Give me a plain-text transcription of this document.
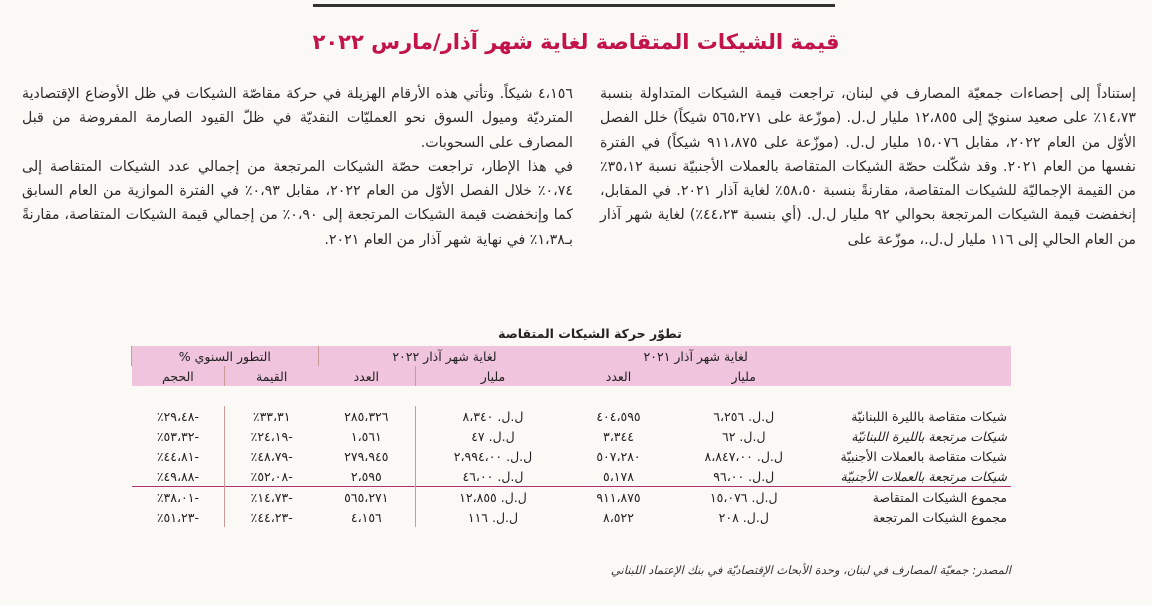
قيمة الشيكات المتقاصة لغاية شهر آذار/مارس ٢٠٢٢

إستناداً إلى إحصاءات جمعيّة المصارف في لبنان، تراجعت قيمة الشيكات المتداولة بنسبة ١٤،٧٣٪ على صعيد سنويّ إلى ١٢،٨٥٥ مليار ل.ل. (موزّعة على ٥٦٥،٢٧١ شيكاً) خلل الفصل الأوّل من العام ٢٠٢٢، مقابل ١٥،٠٧٦ مليار ل.ل. (موزّعة على ٩١١،٨٧٥ شيكاً) في الفترة نفسها من العام ٢٠٢١. وقد شكّلت حصّة الشيكات المتقاصة بالعملات الأجنبيّة نسبة ٣٥،١٢٪ من القيمة الإجماليّة للشيكات المتقاصة، مقارنةً بنسبة ٥٨،٥٠٪ لغاية آذار ٢٠٢١. في المقابل، إنخفضت قيمة الشيكات المرتجعة بحوالي ٩٢ مليار ل.ل. (أي بنسبة ٤٤،٢٣٪) لغاية شهر آذار من العام الحالي إلى ١١٦ مليار ل.ل.، موزّعة على

٤،١٥٦ شيكاً. وتأتي هذه الأرقام الهزيلة في حركة مقاصّة الشيكات في ظل الأوضاع الإقتصادية المترديّة وميول السوق نحو العمليّات النقديّة في ظلّ القيود الصارمة المفروضة من قبل المصارف على السحوبات.

في هذا الإطار، تراجعت حصّة الشيكات المرتجعة من إجمالي عدد الشيكات المتقاصة إلى ٠،٧٤٪ خلال الفصل الأوّل من العام ٢٠٢٢، مقابل ٠،٩٣٪ في الفترة الموازية من العام السابق كما وإنخفضت قيمة الشيكات المرتجعة إلى ٠،٩٠٪ من إجمالي قيمة الشيكات المتقاصة، مقارنةً بـ١،٣٨٪ في نهاية شهر آذار من العام ٢٠٢١.

تطوّر حركة الشيكات المتقاصة
	لغاية شهر آذار ٢٠٢١		لغاية شهر آذار ٢٠٢٢		التطور السنوي %	
	مليار	العدد	مليار	العدد	القيمة	الحجم

شيكات متقاصة بالليرة اللبنانيّة	ل.ل. ٦،٢٥٦	٤٠٤،٥٩٥	ل.ل. ٨،٣٤٠	٢٨٥،٣٢٦	٣٣،٣١٪	-٢٩،٤٨٪
شيكات مرتجعة بالليرة اللبنانيّة	ل.ل. ٦٢	٣،٣٤٤	ل.ل. ٤٧	١،٥٦١	-٢٤،١٩٪	-٥٣،٣٢٪
شيكات متقاصة بالعملات الأجنبيّة	ل.ل. ٨،٨٤٧،٠٠	٥٠٧،٢٨٠	ل.ل. ٢،٩٩٤،٠٠	٢٧٩،٩٤٥	-٤٨،٧٩٪	-٤٤،٨١٪
شيكات مرتجعة بالعملات الأجنبيّة	ل.ل. ٩٦،٠٠	٥،١٧٨	ل.ل. ٤٦،٠٠	٢،٥٩٥	-٥٢،٠٨٪	-٤٩،٨٨٪
مجموع الشيكات المتقاصة	ل.ل. ١٥،٠٧٦	٩١١،٨٧٥	ل.ل. ١٢،٨٥٥	٥٦٥،٢٧١	-١٤،٧٣٪	-٣٨،٠١٪
مجموع الشيكات المرتجعة	ل.ل. ٢٠٨	٨،٥٢٢	ل.ل. ١١٦	٤،١٥٦	-٤٤،٢٣٪	-٥١،٢٣٪
المصدر: جمعيّة المصارف في لبنان، وحدة الأبحاث الإقتصاديّة في بنك الإعتماد اللبناني
